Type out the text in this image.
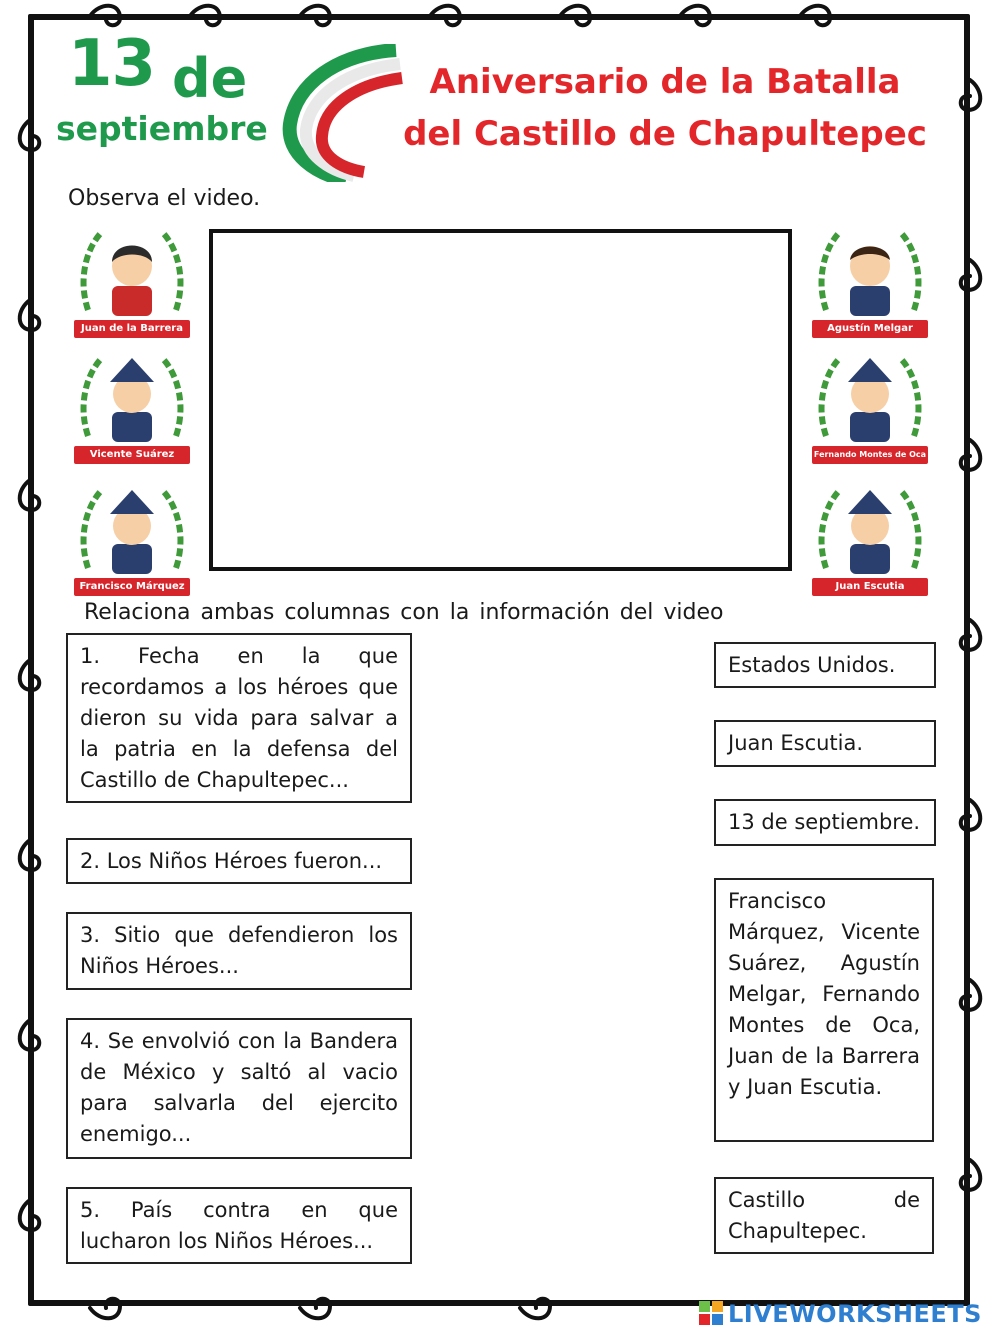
13 de
septiembre
Aniversario de la Batalla
del Castillo de Chapultepec
Observa el video.
Juan de la Barrera
Vicente Suárez
Francisco Márquez
Agustín Melgar
Fernando Montes de Oca
Juan Escutia
Relaciona ambas columnas con la información del video
1. Fecha en la que recordamos a los héroes que dieron su vida para salvar a la patria en la defensa del Castillo de Chapultepec...
2. Los Niños Héroes fueron...
3. Sitio que defendieron los Niños Héroes...
4. Se envolvió con la Bandera de México y saltó al vacio para salvarla del ejercito enemigo...
5. País contra en que lucharon los Niños Héroes...
Estados Unidos.
Juan Escutia.
13 de septiembre.
Francisco Márquez, Vicente Suárez, Agustín Melgar, Fernando Montes de Oca, Juan de la Barrera y Juan Escutia.
Castillo de Chapultepec.
LIVEWORKSHEETS
